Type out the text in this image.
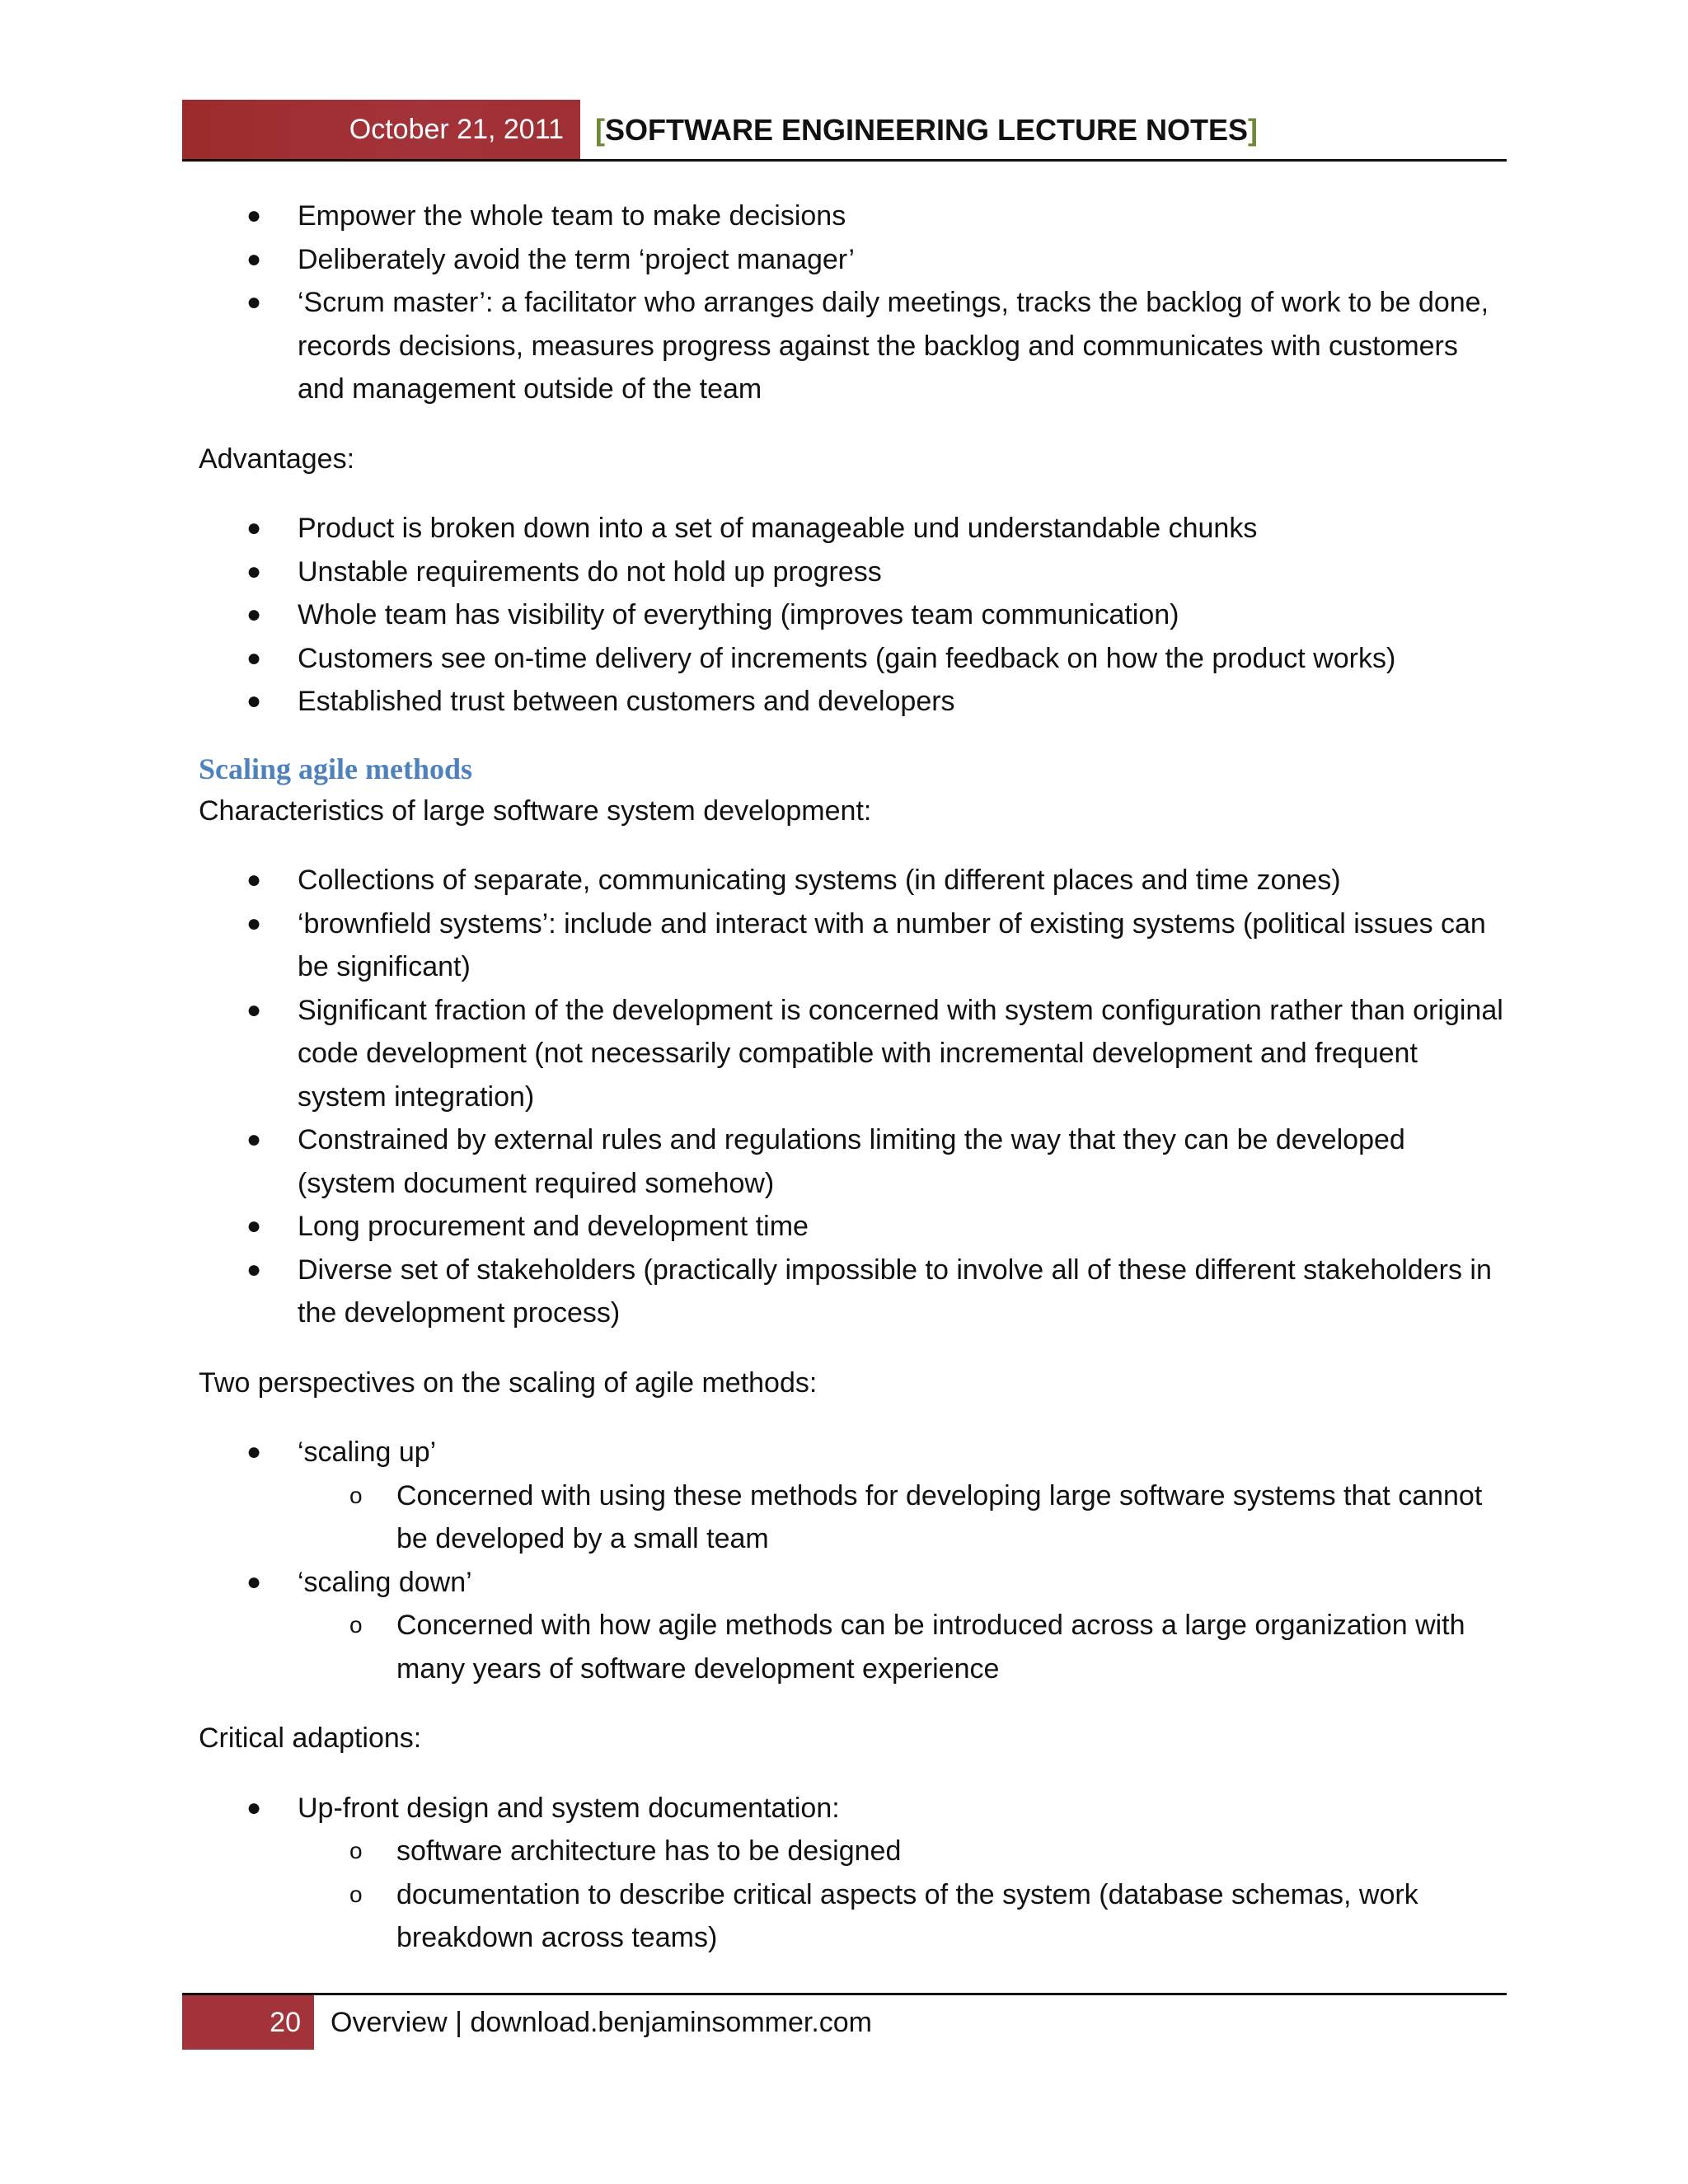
October 21, 2011	[SOFTWARE ENGINEERING LECTURE NOTES]
● Empower the whole team to make decisions
● Deliberately avoid the term ‘project manager’
● ‘Scrum master’: a facilitator who arranges daily meetings, tracks the backlog of work to be done, records decisions, measures progress against the backlog and communicates with customers and management outside of the team

Advantages:

● Product is broken down into a set of manageable und understandable chunks
● Unstable requirements do not hold up progress
● Whole team has visibility of everything (improves team communication)
● Customers see on-time delivery of increments (gain feedback on how the product works)
● Established trust between customers and developers
Scaling agile methods

Characteristics of large software system development:

● Collections of separate, communicating systems (in different places and time zones)
● ‘brownfield systems’: include and interact with a number of existing systems (political issues can be significant)
● Significant fraction of the development is concerned with system configuration rather than original code development (not necessarily compatible with incremental development and frequent system integration)
● Constrained by external rules and regulations limiting the way that they can be developed (system document required somehow)
● Long procurement and development time
● Diverse set of stakeholders (practically impossible to involve all of these different stakeholders in the development process)

Two perspectives on the scaling of agile methods:

● ‘scaling up’
o Concerned with using these methods for developing large software systems that cannot be developed by a small team
● ‘scaling down’
o Concerned with how agile methods can be introduced across a large organization with many years of software development experience

Critical adaptions:

● Up-front design and system documentation:
o software architecture has to be designed
o documentation to describe critical aspects of the system (database schemas, work breakdown across teams)
20	Overview | download.benjaminsommer.com
